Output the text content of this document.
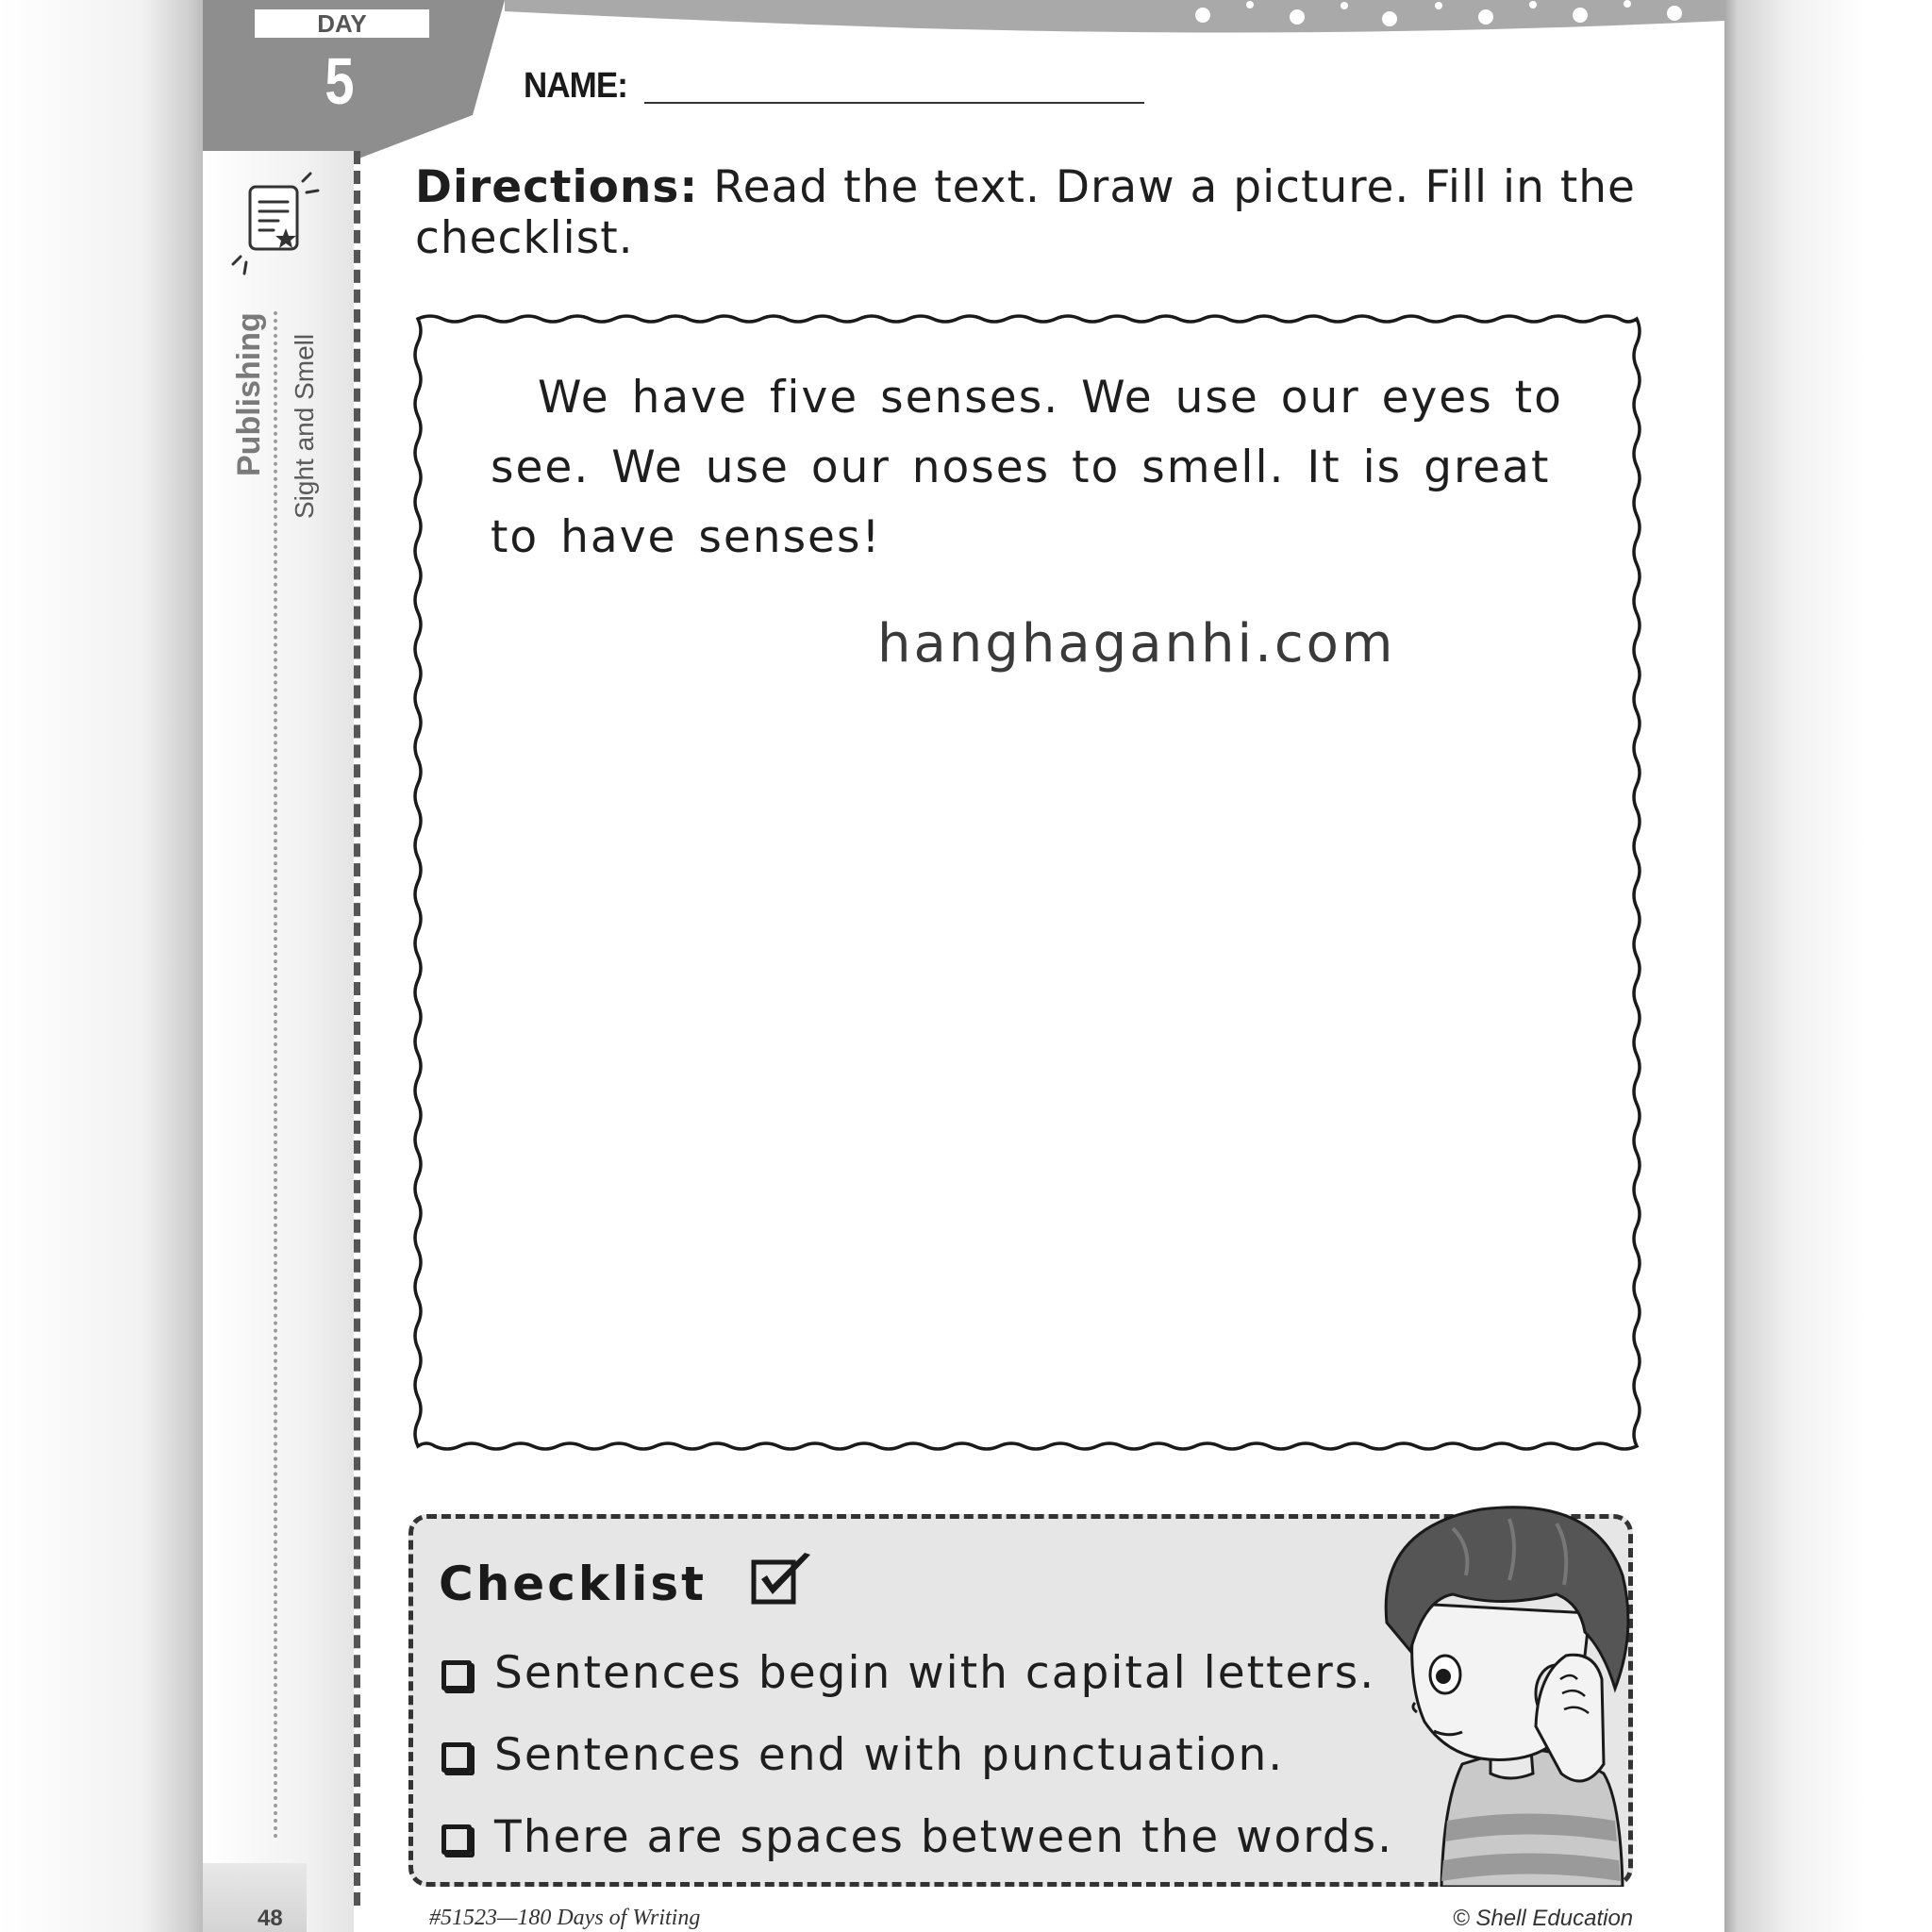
DAY
5	NAME:
Publishing Sight and Smell
Directions: Read the text. Draw a picture. Fill in the checklist.
We have five senses. We use our eyes to see. We use our noses to smell. It is great to have senses!
hanghaganhi.com
Checklist
Sentences begin with capital letters.
Sentences end with punctuation.
There are spaces between the words.
48	#51523—180 Days of Writing	© Shell Education
